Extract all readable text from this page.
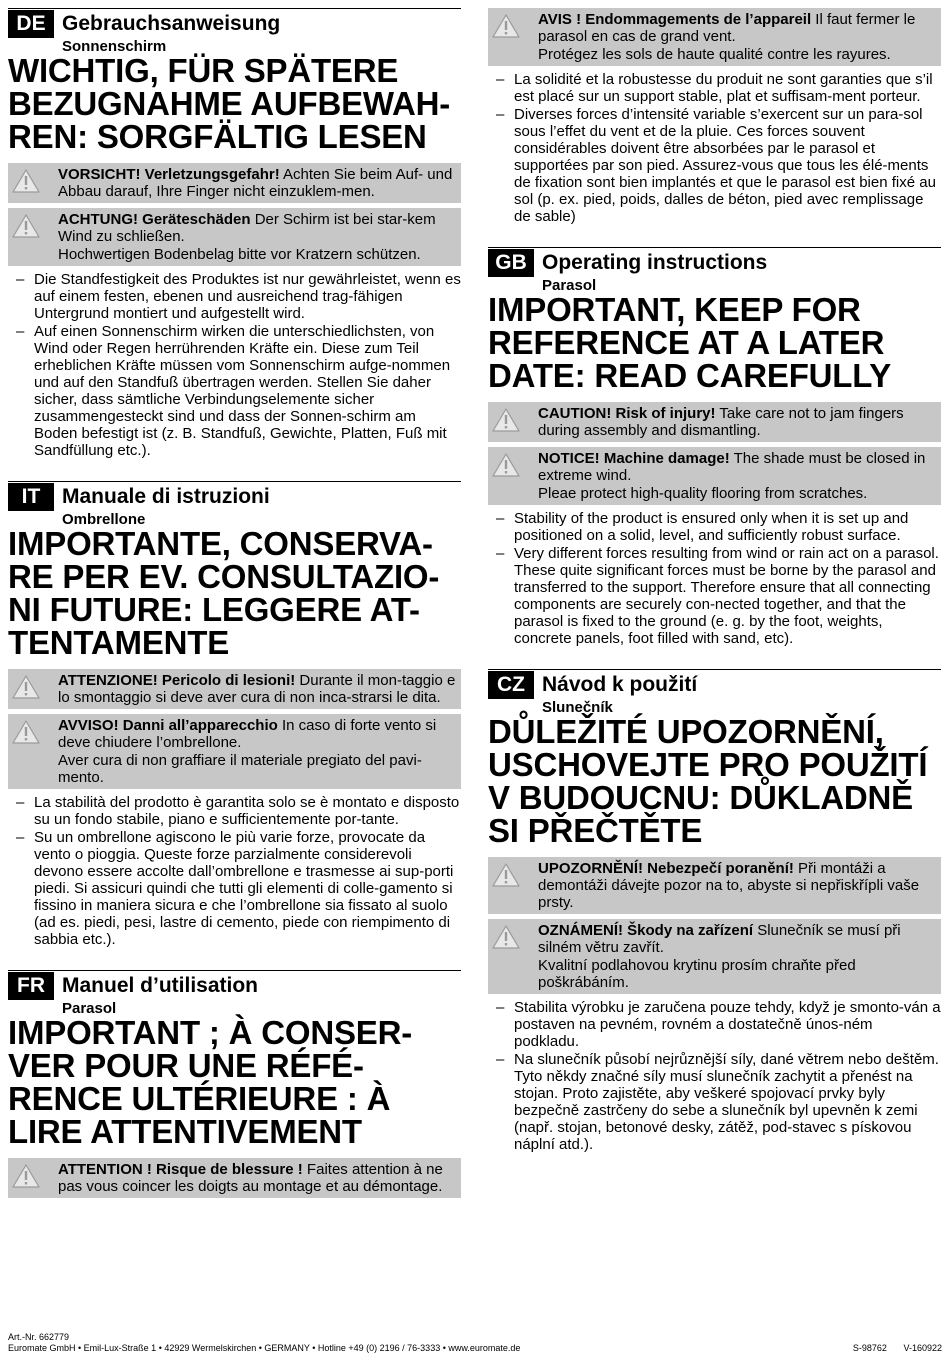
DE Gebrauchsanweisung
Sonnenschirm
WICHTIG, FÜR SPÄTERE BEZUGNAHME AUFBEWAH-REN: SORGFÄLTIG LESEN
VORSICHT! Verletzungsgefahr! Achten Sie beim Auf- und Abbau darauf, Ihre Finger nicht einzuklem-men.
ACHTUNG! Geräteschäden Der Schirm ist bei star-kem Wind zu schließen.
Hochwertigen Bodenbelag bitte vor Kratzern schützen.
– Die Standfestigkeit des Produktes ist nur gewährleistet, wenn es auf einem festen, ebenen und ausreichend trag-fähigen Untergrund montiert und aufgestellt wird.
– Auf einen Sonnenschirm wirken die unterschiedlichsten, von Wind oder Regen herrührenden Kräfte ein. Diese zum Teil erheblichen Kräfte müssen vom Sonnenschirm aufge-nommen und auf den Standfuß übertragen werden. Stellen Sie daher sicher, dass sämtliche Verbindungselemente sicher zusammengesteckt sind und dass der Sonnen-schirm am Boden befestigt ist (z. B. Standfuß, Gewichte, Platten, Fuß mit Sandfüllung etc.).
IT	Manuale di istruzioni
Ombrellone
IMPORTANTE, CONSERVA-RE PER EV. CONSULTAZIO-NI FUTURE: LEGGERE AT-TENTAMENTE
ATTENZIONE! Pericolo di lesioni! Durante il mon-taggio e lo smontaggio si deve aver cura di non inca-strarsi le dita.
AVVISO! Danni all’apparecchio In caso di forte vento si deve chiudere l’ombrellone.
Aver cura di non graffiare il materiale pregiato del pavi-mento.
– La stabilità del prodotto è garantita solo se è montato e disposto su un fondo stabile, piano e sufficientemente por-tante.
– Su un ombrellone agiscono le più varie forze, provocate da vento o pioggia. Queste forze parzialmente considerevoli devono essere accolte dall’ombrellone e trasmesse ai sup-porti piedi. Si assicuri quindi che tutti gli elementi di colle-gamento si fissino in maniera sicura e che l’ombrellone sia fissato al suolo (ad es. piedi, pesi, lastre di cemento, piede con riempimento di sabbia etc.).
FR Manuel d’utilisation
Parasol
IMPORTANT ; À CONSER-VER POUR UNE RÉFÉ-RENCE ULTÉRIEURE : À LIRE ATTENTIVEMENT
ATTENTION ! Risque de blessure ! Faites attention à ne pas vous coincer les doigts au montage et au démontage.
AVIS ! Endommagements de l’appareil Il faut fermer le parasol en cas de grand vent.
Protégez les sols de haute qualité contre les rayures.
– La solidité et la robustesse du produit ne sont garanties que s’il est placé sur un support stable, plat et suffisam-ment porteur.
– Diverses forces d’intensité variable s’exercent sur un para-sol sous l’effet du vent et de la pluie. Ces forces souvent considérables doivent être absorbées par le parasol et supportées par son pied. Assurez-vous que tous les élé-ments de fixation sont bien implantés et que le parasol est bien fixé au sol (p. ex. pied, poids, dalles de béton, pied avec remplissage de sable)
GB Operating instructions
Parasol
IMPORTANT, KEEP FOR REFERENCE AT A LATER DATE: READ CAREFULLY
CAUTION! Risk of injury! Take care not to jam fingers during assembly and dismantling.
NOTICE! Machine damage! The shade must be closed in extreme wind.
Pleae protect high-quality flooring from scratches.
– Stability of the product is ensured only when it is set up and positioned on a solid, level, and sufficiently robust surface.
– Very different forces resulting from wind or rain act on a parasol. These quite significant forces must be borne by the parasol and transferred to the support. Therefore ensure that all connecting components are securely con-nected together, and that the parasol is fixed to the ground (e. g. by the foot, weights, concrete panels, foot filled with sand, etc).
CZ Návod k použití
Slunečník
DŮLEŽITÉ UPOZORNĚNÍ, USCHOVEJTE PRO POUŽITÍ V BUDOUCNU: DŮKLADNĚ SI PŘEČTĚTE
UPOZORNĚNÍ! Nebezpečí poranění! Při montáži a demontáži dávejte pozor na to, abyste si nepřiskřípli vaše prsty.
OZNÁMENÍ! Škody na zařízení Slunečník se musí při silném větru zavřít.
Kvalitní podlahovou krytinu prosím chraňte před poškrábáním.
– Stabilita výrobku je zaručena pouze tehdy, když je smonto-ván a postaven na pevném, rovném a dostatečně únos-ném podkladu.
– Na slunečník působí nejrůznější síly, dané větrem nebo deštěm. Tyto někdy značné síly musí slunečník zachytit a přenést na stojan. Proto zajistěte, aby veškeré spojovací prvky byly bezpečně zastrčeny do sebe a slunečník byl upevněn k zemi (např. stojan, betonové desky, zátěž, pod-stavec s pískovou náplní atd.).
Art.-Nr. 662779
Euromate GmbH • Emil-Lux-Straße 1 • 42929 Wermelskirchen • GERMANY • Hotline +49 (0) 2196 / 76-3333 • www.euromate.de	S-98762 V-160922
